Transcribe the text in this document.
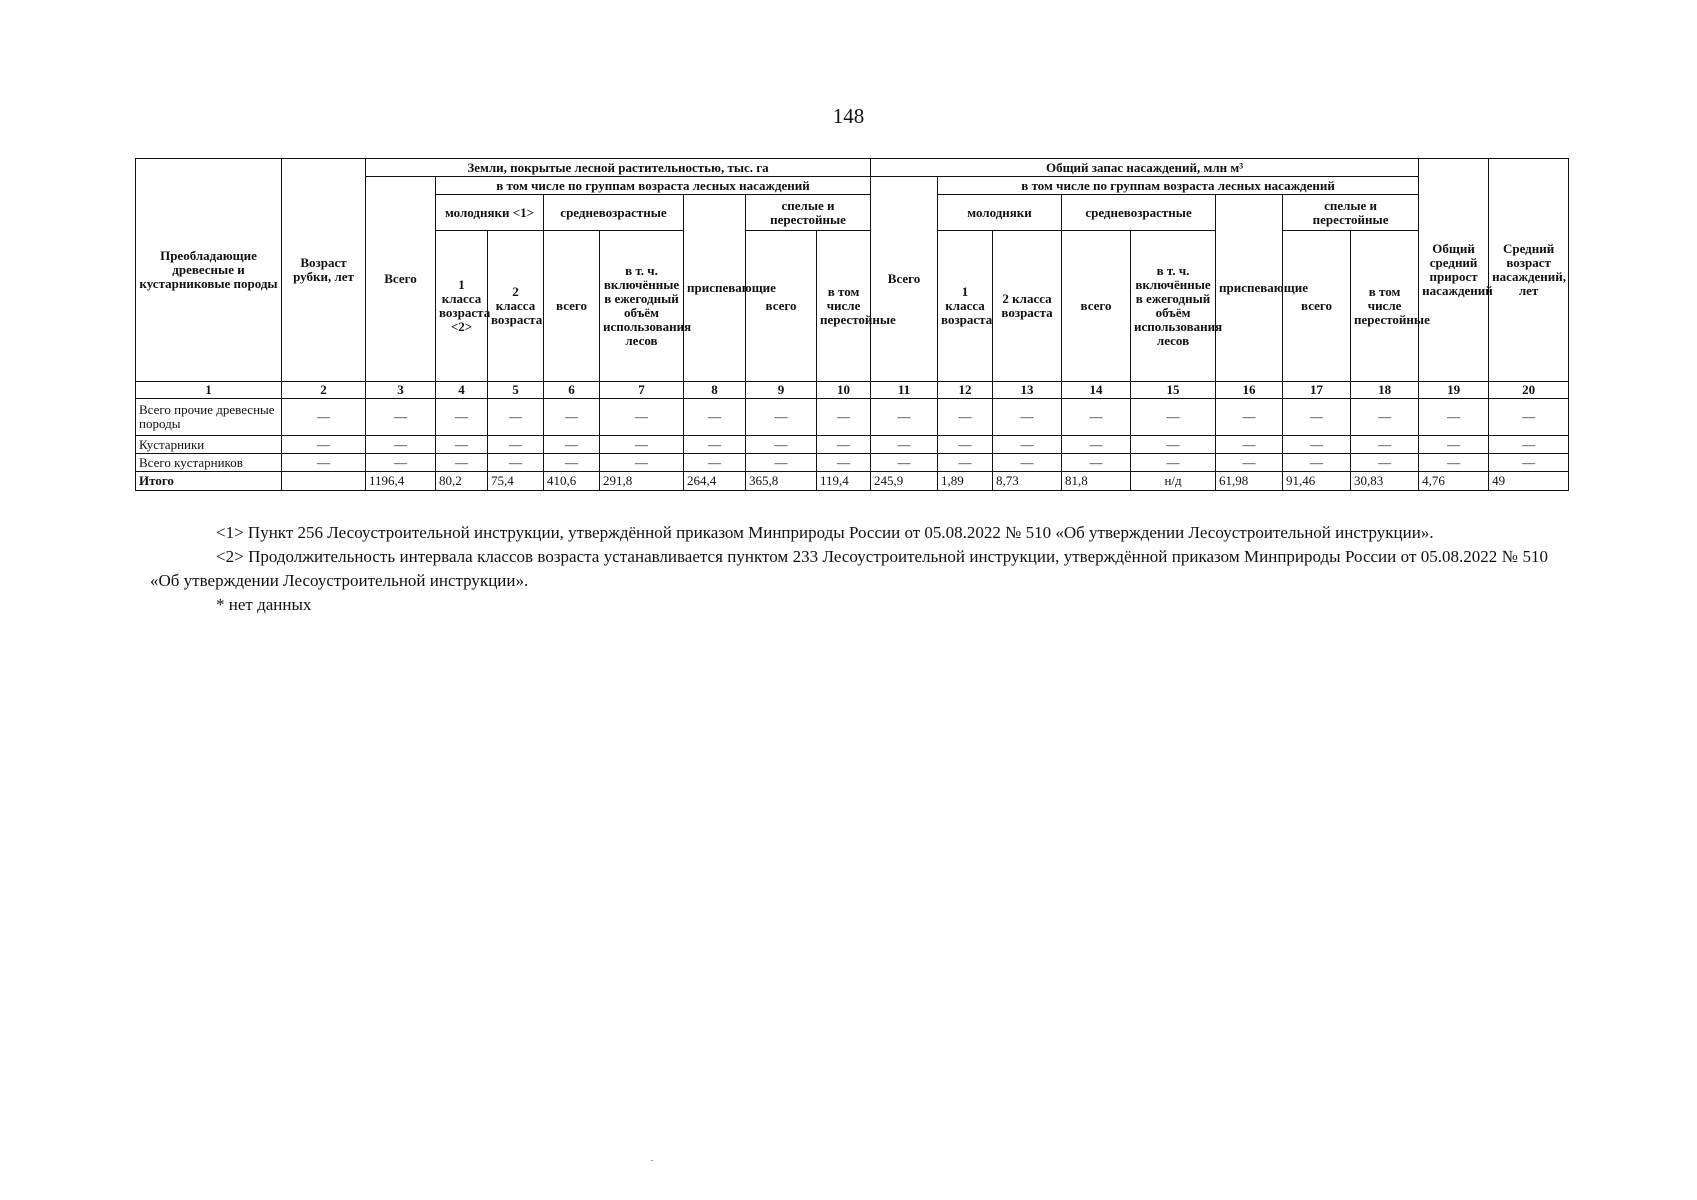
148
Преобладающие древесные и кустарниковые породы	Возраст рубки, лет	Земли, покрытые лесной растительностью, тыс. га								Общий запас насаждений, млн м³								Общий средний прирост насаждений	Средний возраст насаждений, лет
		Всего	в том числе по группам возраста лесных насаждений							Всего	в том числе по группам возраста лесных насаждений								
			молодняки <1>		средневозрастные		приспевающие	спелые и перестойные			молодняки		средневозрастные		приспевающие	спелые и перестойные			
			1 класса возраста <2>	2 класса возраста	всего	в т. ч. включённые в ежегодный объём использования лесов		всего	в том числе перестойные		1 класса возраста	2 класса возраста	всего	в т. ч. включённые в ежегодный объём использования лесов		всего	в том числе перестойные		
1	2	3	4	5	6	7	8	9	10	11	12	13	14	15	16	17	18	19	20
Всего прочие древесные породы	—	—	—	—	—	—	—	—	—	—	—	—	—	—	—	—	—	—	—
Кустарники	—	—	—	—	—	—	—	—	—	—	—	—	—	—	—	—	—	—	—
Всего кустарников	—	—	—	—	—	—	—	—	—	—	—	—	—	—	—	—	—	—	—
Итого		1196,4	80,2	75,4	410,6	291,8	264,4	365,8	119,4	245,9	1,89	8,73	81,8	н/д	61,98	91,46	30,83	4,76	49

<1> Пункт 256 Лесоустроительной инструкции, утверждённой приказом Минприроды России от 05.08.2022 № 510 «Об утверждении Лесоустроительной инструкции».

<2> Продолжительность интервала классов возраста устанавливается пунктом 233 Лесоустроительной инструкции, утверждённой приказом Минприроды России от 05.08.2022 № 510 «Об утверждении Лесоустроительной инструкции».

* нет данных
